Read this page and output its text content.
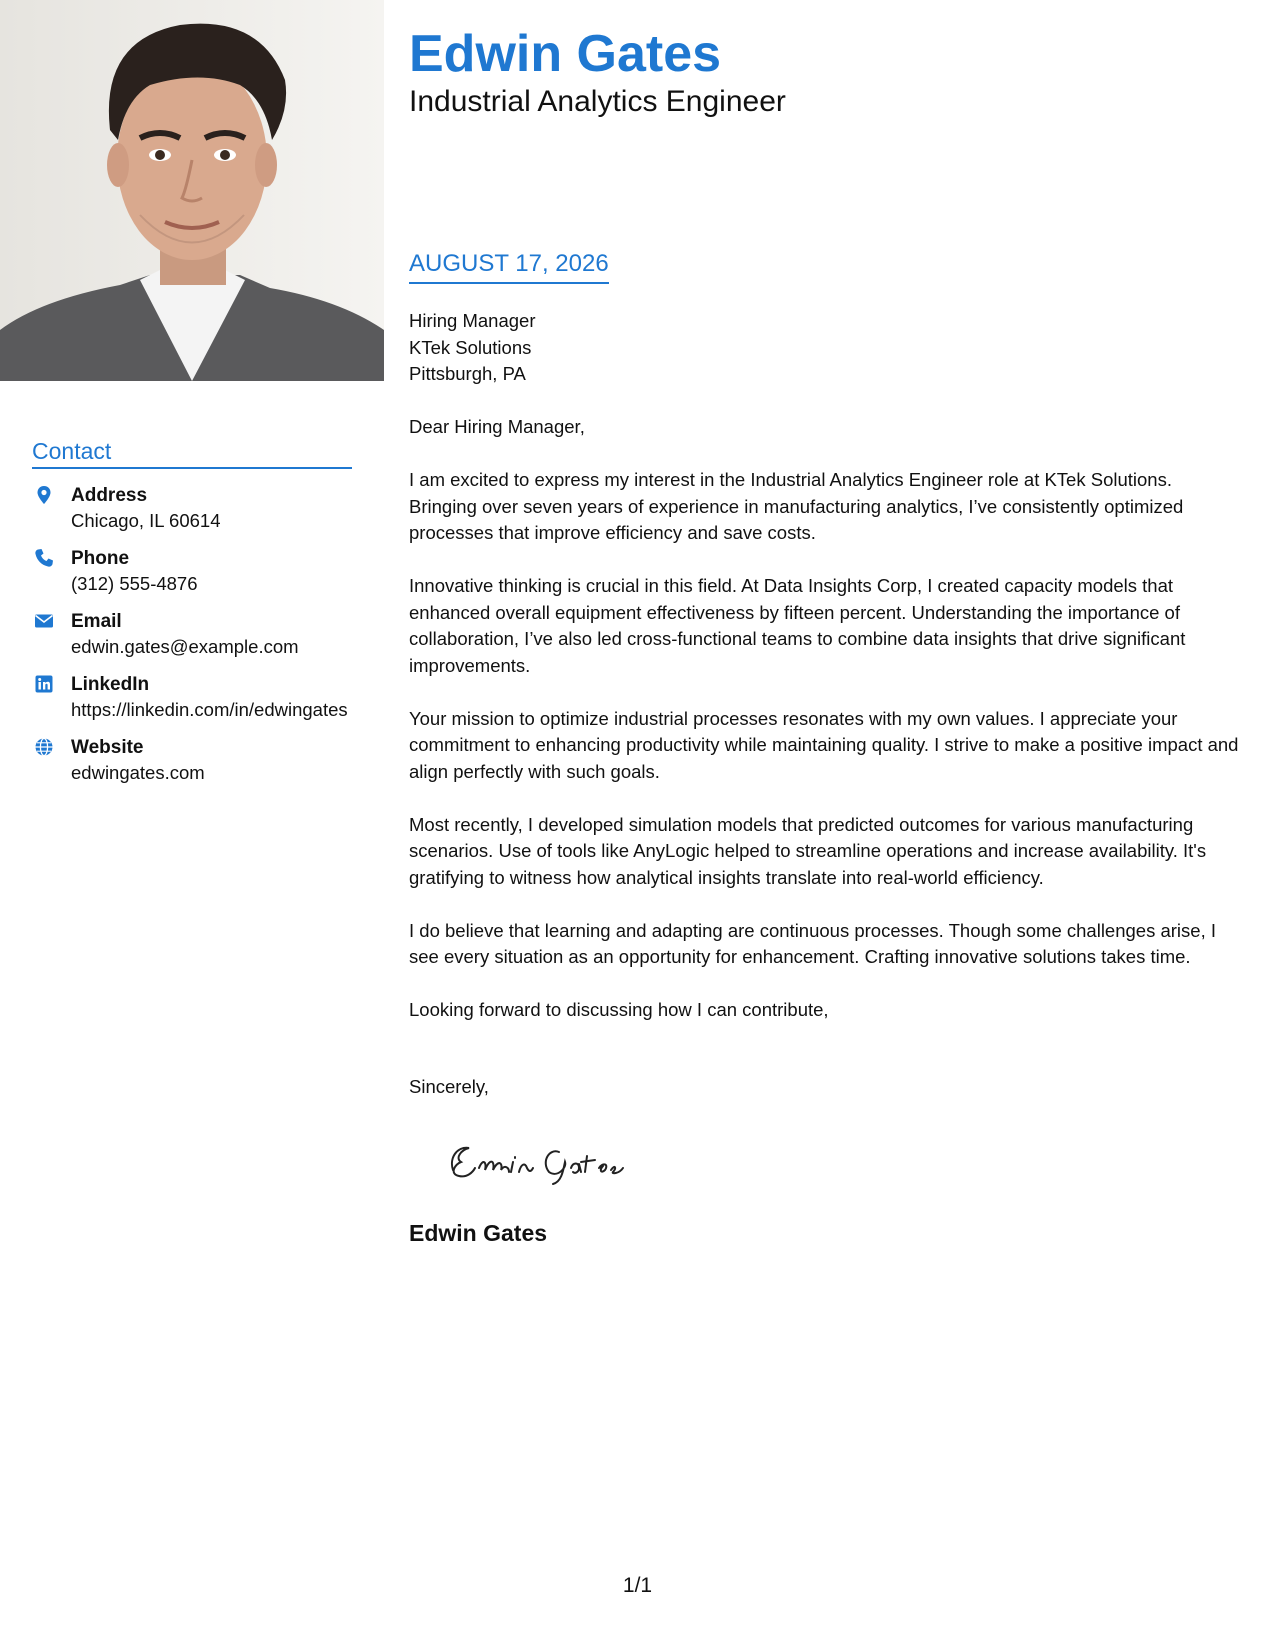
Contact
Address
Chicago, IL 60614
Phone
(312) 555-4876
Email
edwin.gates@example.com
LinkedIn
https://linkedin.com/in/edwingates
Website
edwingates.com
Edwin Gates
Industrial Analytics Engineer
AUGUST 17, 2026
Hiring Manager
KTek Solutions
Pittsburgh, PA

Dear Hiring Manager,

I am excited to express my interest in the Industrial Analytics Engineer role at KTek Solutions. Bringing over seven years of experience in manufacturing analytics, I’ve consistently optimized processes that improve efficiency and save costs.

Innovative thinking is crucial in this field. At Data Insights Corp, I created capacity models that enhanced overall equipment effectiveness by fifteen percent. Understanding the importance of collaboration, I’ve also led cross-functional teams to combine data insights that drive significant improvements.

Your mission to optimize industrial processes resonates with my own values. I appreciate your commitment to enhancing productivity while maintaining quality. I strive to make a positive impact and align perfectly with such goals.

Most recently, I developed simulation models that predicted outcomes for various manufacturing scenarios. Use of tools like AnyLogic helped to streamline operations and increase availability. It's gratifying to witness how analytical insights translate into real-world efficiency.

I do believe that learning and adapting are continuous processes. Though some challenges arise, I see every situation as an opportunity for enhancement. Crafting innovative solutions takes time.

Looking forward to discussing how I can contribute,

Sincerely,
Edwin Gates
1/1
